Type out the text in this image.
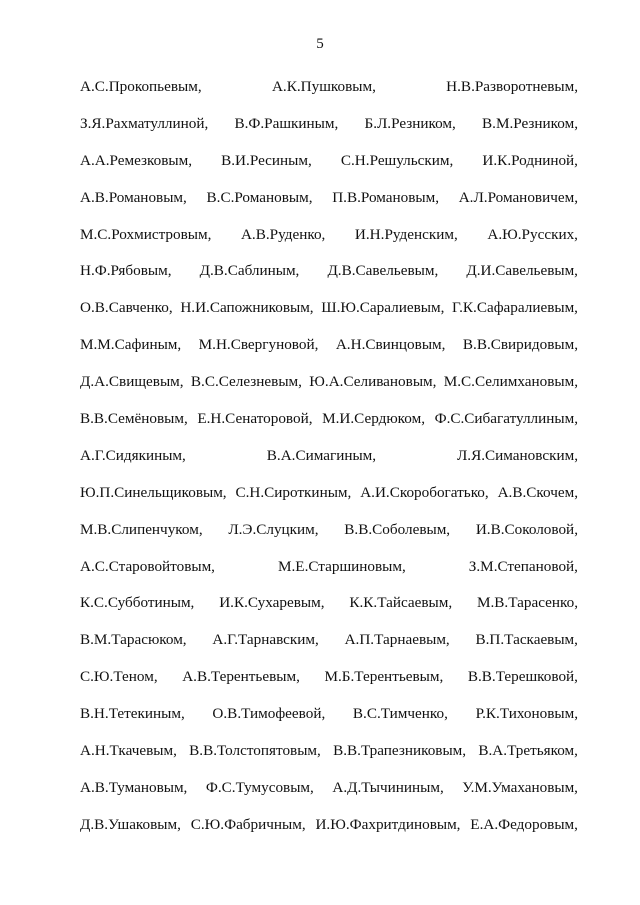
5
А.С.Прокопьевым,	А.К.Пушковым,	Н.В.Разворотневым,
З.Я.Рахматуллиной, В.Ф.Рашкиным, Б.Л.Резником, В.М.Резником,
А.А.Ремезковым, В.И.Ресиным, С.Н.Решульским, И.К.Родниной,
А.В.Романовым, В.С.Романовым, П.В.Романовым, А.Л.Романовичем,
М.С.Рохмистровым, А.В.Руденко, И.Н.Руденским, А.Ю.Русских,
Н.Ф.Рябовым, Д.В.Саблиным, Д.В.Савельевым, Д.И.Савельевым,
О.В.Савченко, Н.И.Сапожниковым, Ш.Ю.Саралиевым, Г.К.Сафаралиевым,
М.М.Сафиным, М.Н.Свергуновой, А.Н.Свинцовым, В.В.Свиридовым,
Д.А.Свищевым, В.С.Селезневым, Ю.А.Селивановым, М.С.Селимхановым,
В.В.Семёновым, Е.Н.Сенаторовой, М.И.Сердюком, Ф.С.Сибагатуллиным,
А.Г.Сидякиным,	В.А.Симагиным,	Л.Я.Симановским,
Ю.П.Синельщиковым, С.Н.Сироткиным, А.И.Скоробогатько, А.В.Скочем,
М.В.Слипенчуком, Л.Э.Слуцким, В.В.Соболевым, И.В.Соколовой,
А.С.Старовойтовым,	М.Е.Старшиновым,	З.М.Степановой,
К.С.Субботиным, И.К.Сухаревым, К.К.Тайсаевым, М.В.Тарасенко,
В.М.Тарасюком, А.Г.Тарнавским, А.П.Тарнаевым, В.П.Таскаевым,
С.Ю.Теном, А.В.Терентьевым, М.Б.Терентьевым, В.В.Терешковой,
В.Н.Тетекиным, О.В.Тимофеевой, В.С.Тимченко, Р.К.Тихоновым,
А.Н.Ткачевым, В.В.Толстопятовым, В.В.Трапезниковым, В.А.Третьяком,
А.В.Тумановым, Ф.С.Тумусовым, А.Д.Тычининым, У.М.Умахановым,
Д.В.Ушаковым, С.Ю.Фабричным, И.Ю.Фахритдиновым, Е.А.Федоровым,
